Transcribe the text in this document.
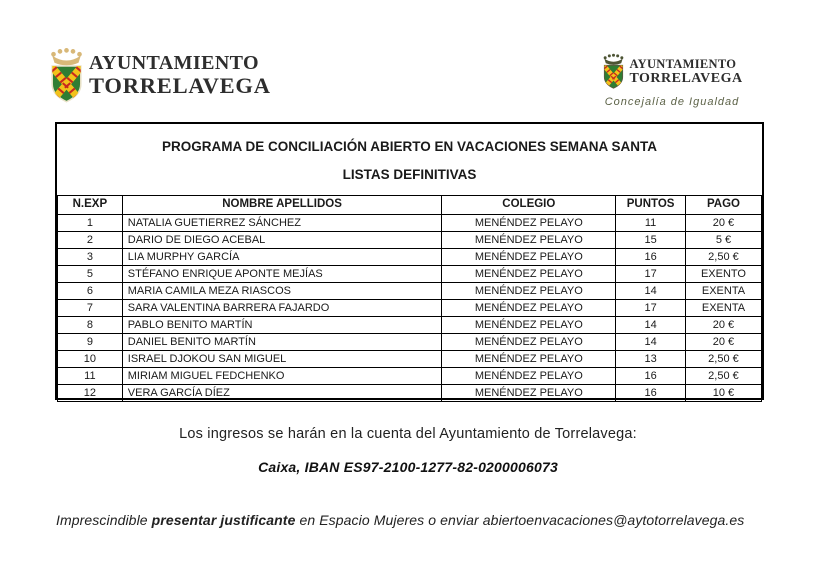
AYUNTAMIENTO
TORRELAVEGA
AYUNTAMIENTO
TORRELAVEGA
Concejalía de Igualdad
PROGRAMA DE CONCILIACIÓN ABIERTO EN VACACIONES SEMANA SANTA
LISTAS DEFINITIVAS
N.EXP	NOMBRE APELLIDOS	COLEGIO	PUNTOS	PAGO
1	NATALIA GUETIERREZ SÁNCHEZ	MENÉNDEZ PELAYO	11	20 €
2	DARIO DE DIEGO ACEBAL	MENÉNDEZ PELAYO	15	5 €
3	LIA MURPHY GARCÍA	MENÉNDEZ PELAYO	16	2,50 €
5	STÉFANO ENRIQUE APONTE MEJÍAS	MENÉNDEZ PELAYO	17	EXENTO
6	MARIA CAMILA MEZA RIASCOS	MENÉNDEZ PELAYO	14	EXENTA
7	SARA VALENTINA BARRERA FAJARDO	MENÉNDEZ PELAYO	17	EXENTA
8	PABLO BENITO MARTÍN	MENÉNDEZ PELAYO	14	20 €
9	DANIEL BENITO MARTÍN	MENÉNDEZ PELAYO	14	20 €
10	ISRAEL DJOKOU SAN MIGUEL	MENÉNDEZ PELAYO	13	2,50 €
11	MIRIAM MIGUEL FEDCHENKO	MENÉNDEZ PELAYO	16	2,50 €
12	VERA GARCÍA DÍEZ	MENÉNDEZ PELAYO	16	10 €
Los ingresos se harán en la cuenta del Ayuntamiento de Torrelavega:
Caixa, IBAN ES97-2100-1277-82-0200006073
Imprescindible presentar justificante en Espacio Mujeres o enviar abiertoenvacaciones@aytotorrelavega.es
